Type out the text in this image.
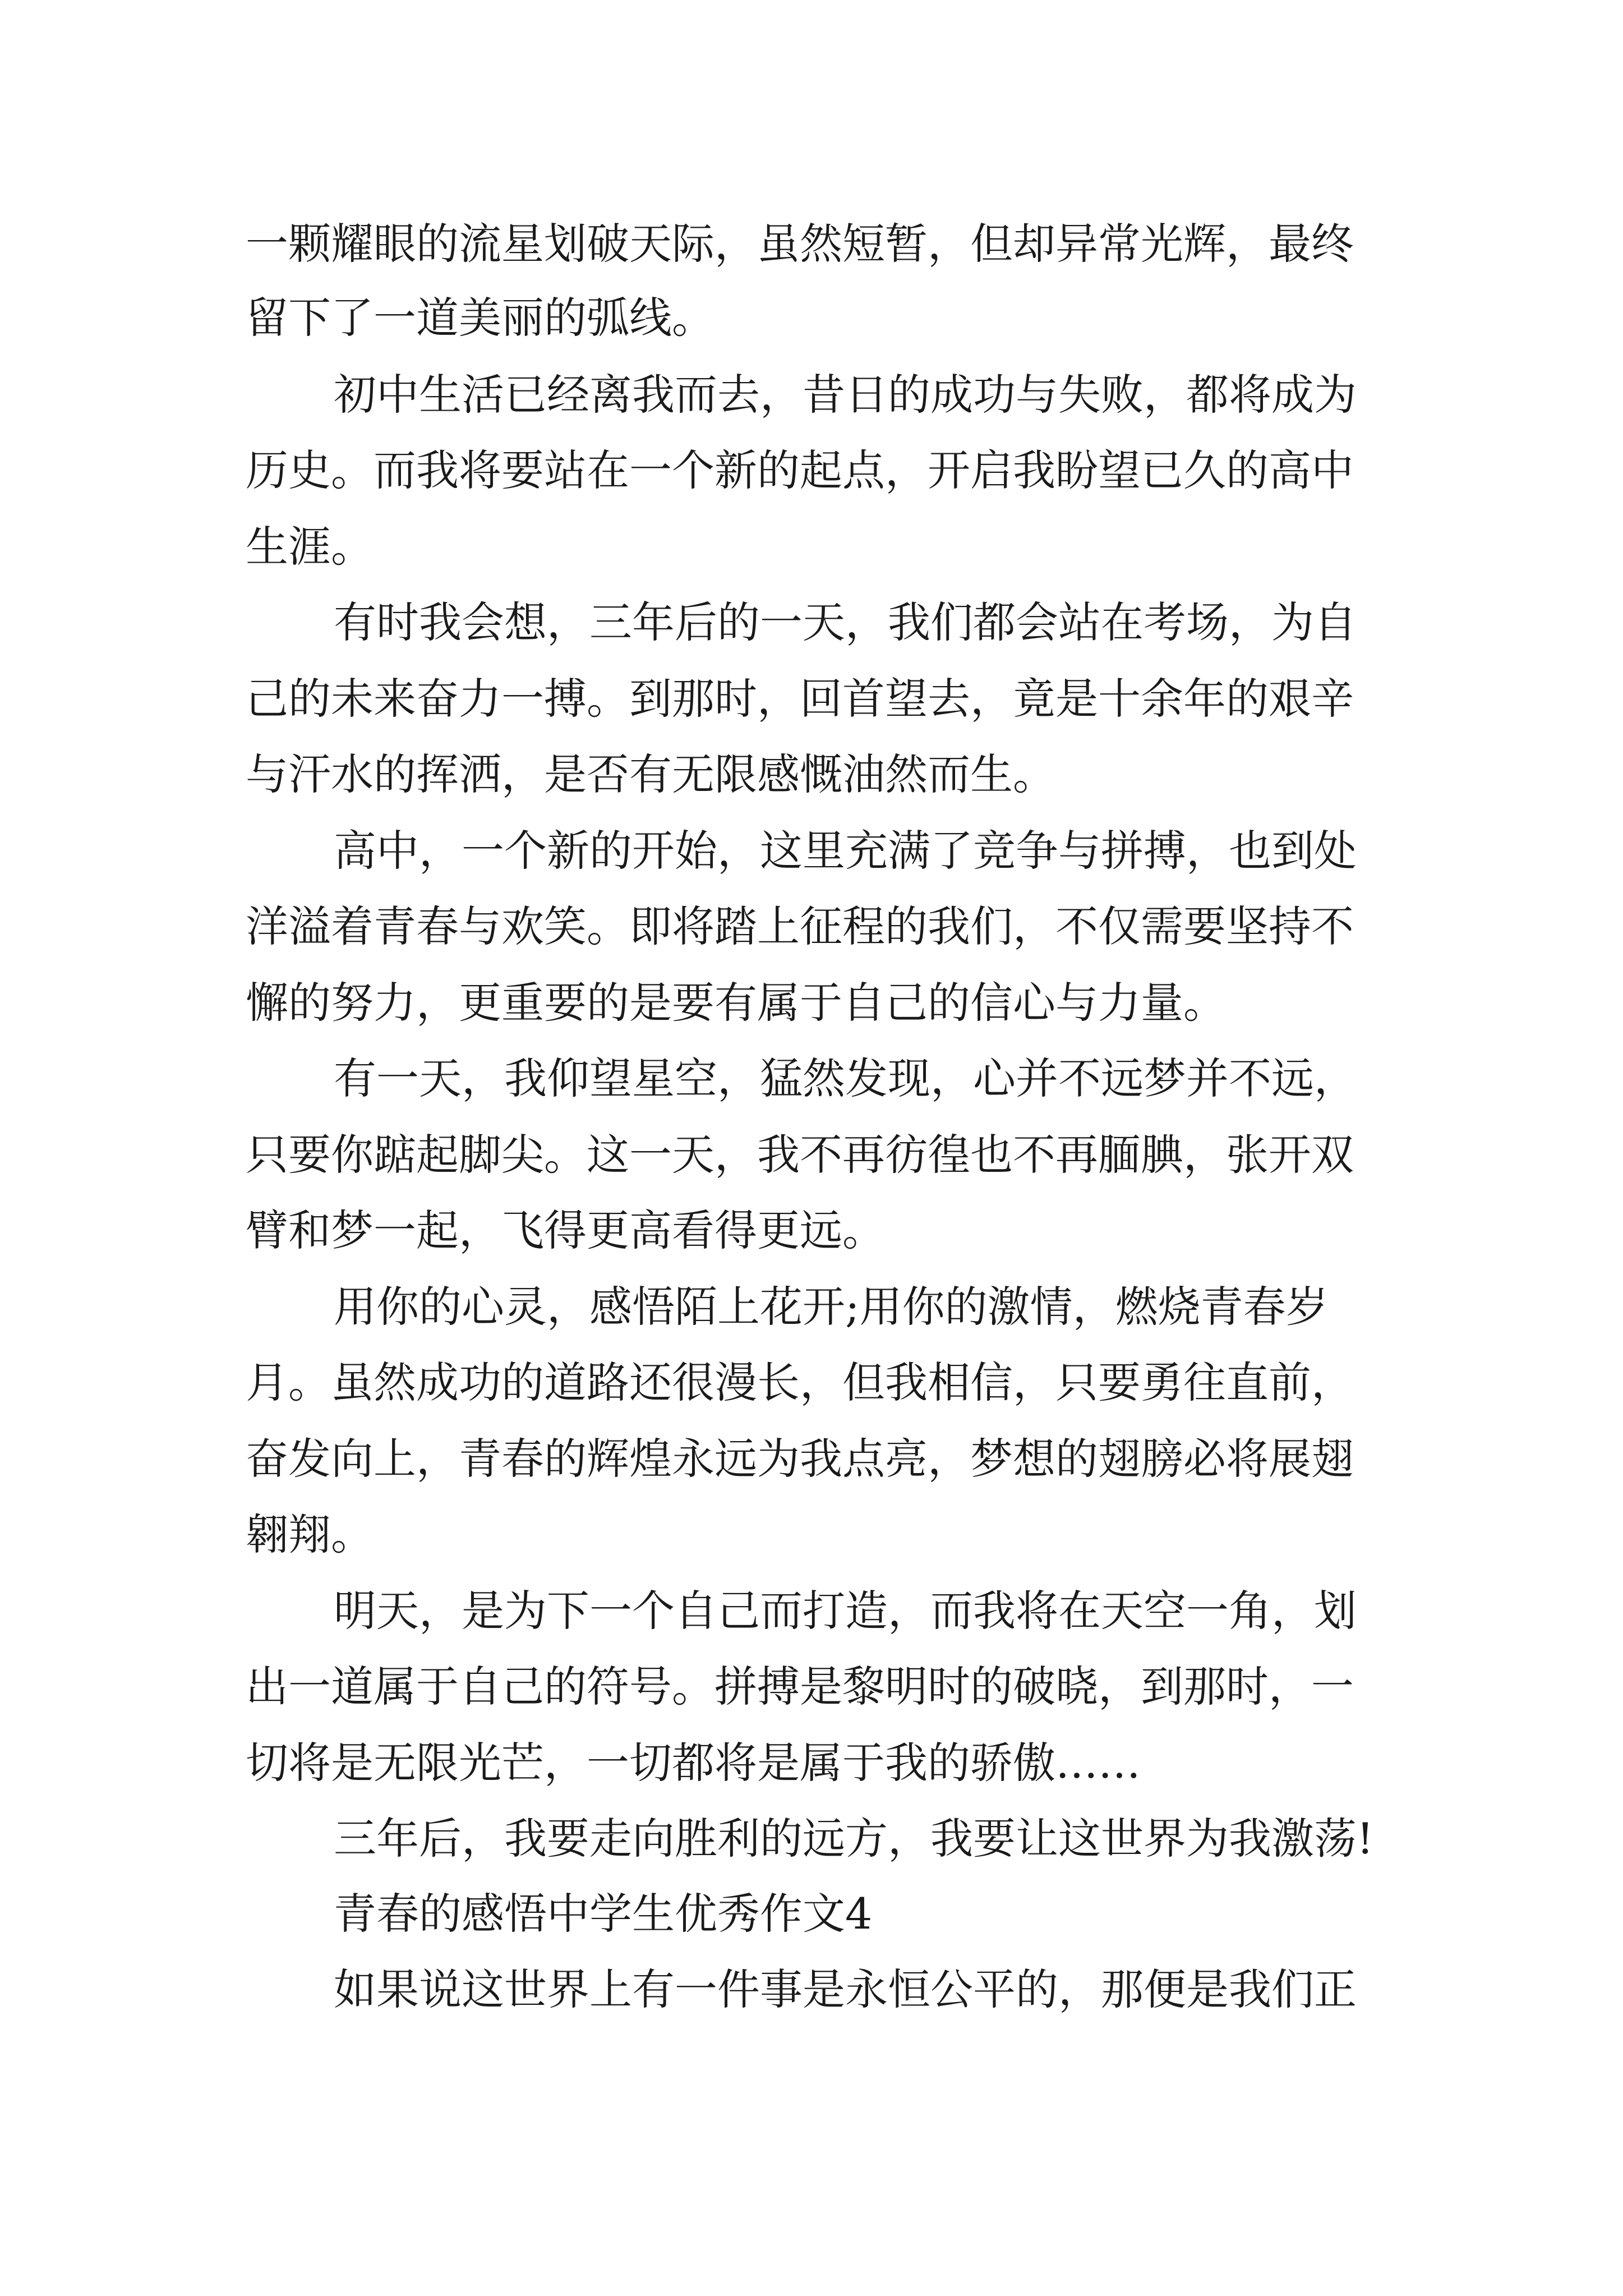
一颗耀眼的流星划破天际，虽然短暂，但却异常光辉，最终

留下了一道美丽的弧线。

初中生活已经离我而去，昔日的成功与失败，都将成为

历史。而我将要站在一个新的起点，开启我盼望已久的高中

生涯。

有时我会想，三年后的一天，我们都会站在考场，为自

己的未来奋力一搏。到那时，回首望去，竟是十余年的艰辛

与汗水的挥洒，是否有无限感慨油然而生。

高中，一个新的开始，这里充满了竞争与拼搏，也到处

洋溢着青春与欢笑。即将踏上征程的我们，不仅需要坚持不

懈的努力，更重要的是要有属于自己的信心与力量。

有一天，我仰望星空，猛然发现，心并不远梦并不远，

只要你踮起脚尖。这一天，我不再彷徨也不再腼腆，张开双

臂和梦一起，飞得更高看得更远。

用你的心灵，感悟陌上花开;用你的激情，燃烧青春岁

月。虽然成功的道路还很漫长，但我相信，只要勇往直前，

奋发向上，青春的辉煌永远为我点亮，梦想的翅膀必将展翅

翱翔。

明天，是为下一个自己而打造，而我将在天空一角，划

出一道属于自己的符号。拼搏是黎明时的破晓，到那时，一

切将是无限光芒，一切都将是属于我的骄傲……

三年后，我要走向胜利的远方，我要让这世界为我激荡!

青春的感悟中学生优秀作文4

如果说这世界上有一件事是永恒公平的，那便是我们正
